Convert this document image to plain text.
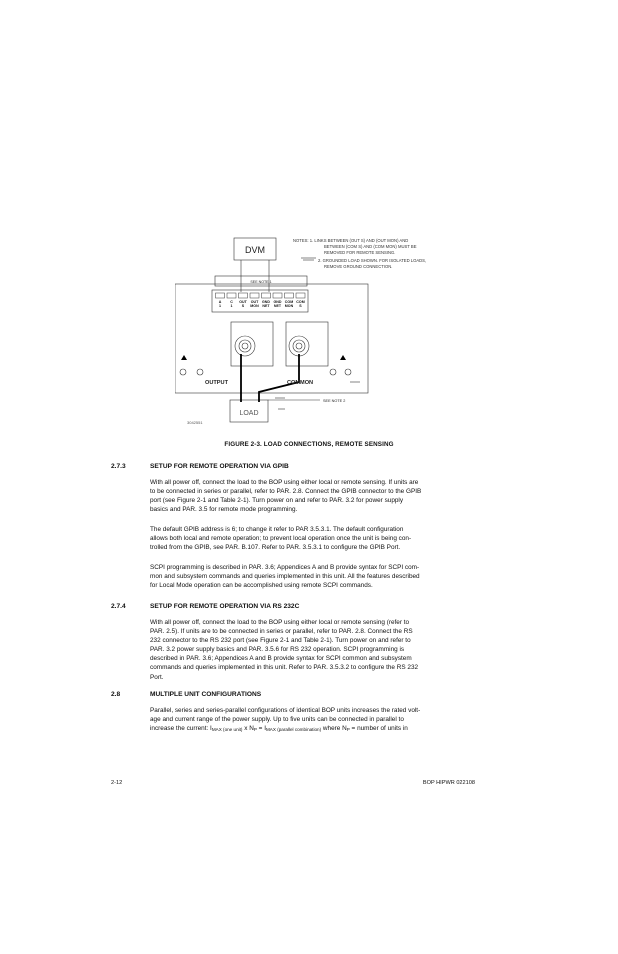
A
1
C
1
OUT
S
OUT
MON
GND
NET
GND
NET
COM
MON
COM
S
DVM
SEE NOTE 1
OUTPUT	COMMON
LOAD
SEE NOTE 2
3042551
NOTES: 1. LINKS BETWEEN (OUT S) AND (OUT MON) AND
BETWEEN (COM S) AND (COM MON) MUST BE
REMOVED FOR REMOTE SENSING.
2. GROUNDED LOAD SHOWN. FOR ISOLATED LOADS,
REMOVE GROUND CONNECTION.
FIGURE 2-3. LOAD CONNECTIONS, REMOTE SENSING
2.7.3	SETUP FOR REMOTE OPERATION VIA GPIB
With all power off, connect the load to the BOP using either local or remote sensing. If units are
to be connected in series or parallel, refer to PAR. 2.8. Connect the GPIB connector to the GPIB
port (see Figure 2-1 and Table 2-1). Turn power on and refer to PAR. 3.2 for power supply
basics and PAR. 3.5 for remote mode programming.
The default GPIB address is 6; to change it refer to PAR 3.5.3.1. The default configuration
allows both local and remote operation; to prevent local operation once the unit is being con-
trolled from the GPIB, see PAR. B.107. Refer to PAR. 3.5.3.1 to configure the GPIB Port.
SCPI programming is described in PAR. 3.6; Appendices A and B provide syntax for SCPI com-
mon and subsystem commands and queries implemented in this unit. All the features described
for Local Mode operation can be accomplished using remote SCPI commands.
2.7.4	SETUP FOR REMOTE OPERATION VIA RS 232C
With all power off, connect the load to the BOP using either local or remote sensing (refer to
PAR. 2.5). If units are to be connected in series or parallel, refer to PAR. 2.8. Connect the RS
232 connector to the RS 232 port (see Figure 2-1 and Table 2-1). Turn power on and refer to
PAR. 3.2 power supply basics and PAR. 3.5.6 for RS 232 operation. SCPI programming is
described in PAR. 3.6; Appendices A and B provide syntax for SCPI common and subsystem
commands and queries implemented in this unit. Refer to PAR. 3.5.3.2 to configure the RS 232
Port.
2.8	MULTIPLE UNIT CONFIGURATIONS
Parallel, series and series-parallel configurations of identical BOP units increases the rated volt-
age and current range of the power supply. Up to five units can be connected in parallel to
increase the current: $I_{MAX (one unit)}$ x $N_P = I_{MAX (parallel combination)}$ where $N_P$ = number of units in
2-12	BOP HIPWR 022108
